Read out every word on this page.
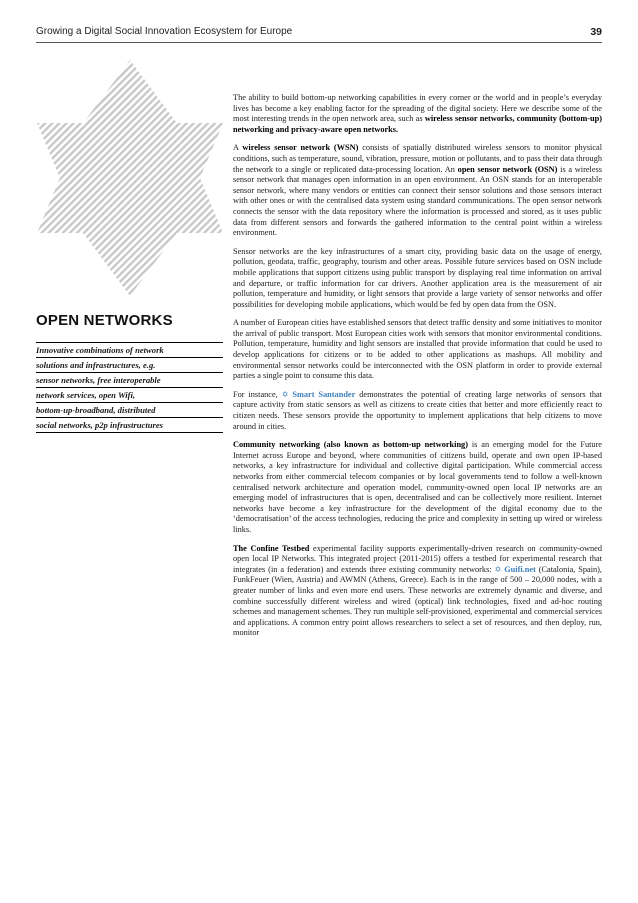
Growing a Digital Social Innovation Ecosystem for Europe	39
OPEN NETWORKS
Innovative combinations of network
solutions and infrastructures, e.g.
sensor networks, free interoperable
network services, open Wifi,
bottom-up-broadband, distributed
social networks, p2p infrastructures

The ability to build bottom-up networking capabilities in every corner or the world and in people’s everyday lives has become a key enabling factor for the spreading of the digital society. Here we describe some of the most interesting trends in the open network area, such as wireless sensor networks, community (bottom-up) networking and privacy-aware open networks.

A wireless sensor network (WSN) consists of spatially distributed wireless sensors to monitor physical conditions, such as temperature, sound, vibration, pressure, motion or pollutants, and to pass their data through the network to a single or replicated data-processing location. An open sensor network (OSN) is a wireless sensor network that manages open information in an open environment. An OSN stands for an interoperable sensor network, where many vendors or entities can connect their sensor solutions and those sensors interact with other ones or with the centralised data system using standard communications. The open sensor network connects the sensor with the data repository where the information is processed and stored, as it uses public data from different sensors and forwards the gathered information to the central point within a wireless environment.

Sensor networks are the key infrastructures of a smart city, providing basic data on the usage of energy, pollution, geodata, traffic, geography, tourism and other areas. Possible future services based on OSN include mobile applications that support citizens using public transport by displaying real time information on arrival and departure, or traffic information for car drivers. Another application area is the measurement of air pollution, temperature and humidity, or light sensors that provide a large variety of sensor networks and offer possibilities for developing mobile applications, which would be fed by open data from the OSN.

A number of European cities have established sensors that detect traffic density and some initiatives to monitor the arrival of public transport. Most European cities work with sensors that monitor environmental conditions. Pollution, temperature, humidity and light sensors are installed that provide information that could be used to develop applications for citizens or to be added to other applications as mashups. All mobility and environmental sensor networks could be interconnected with the OSN platform in order to provide external parties a single point to consume this data.

For instance, ✡ Smart Santander demonstrates the potential of creating large networks of sensors that capture activity from static sensors as well as citizens to create cities that better and more efficiently react to citizen needs. These sensors provide the opportunity to implement applications that help citizens to move around in cities.

Community networking (also known as bottom-up networking) is an emerging model for the Future Internet across Europe and beyond, where communities of citizens build, operate and own open IP-based networks, a key infrastructure for individual and collective digital participation. While commercial access networks from either commercial telecom companies or by local governments tend to follow a well-known centralised network architecture and operation model, community-owned open local IP networks are an emerging model of infrastructures that is open, decentralised and can be collectively more resilient. Internet networks have become a key infrastructure for the development of the digital economy due to the ‘democratisation’ of the access technologies, reducing the price and complexity in setting up wired or wireless links.

The Confine Testbed experimental facility supports experimentally-driven research on community-owned open local IP Networks. This integrated project (2011-2015) offers a testbed for experimental research that integrates (in a federation) and extends three existing community networks: ✡ Guifi.net (Catalonia, Spain), FunkFeuer (Wien, Austria) and AWMN (Athens, Greece). Each is in the range of 500 – 20,000 nodes, with a greater number of links and even more end users. These networks are extremely dynamic and diverse, and combine successfully different wireless and wired (optical) link technologies, fixed and ad-hoc routing schemes and management schemes. They run multiple self-provisioned, experimental and commercial services and applications. A common entry point allows researchers to select a set of resources, and then deploy, run, monitor
